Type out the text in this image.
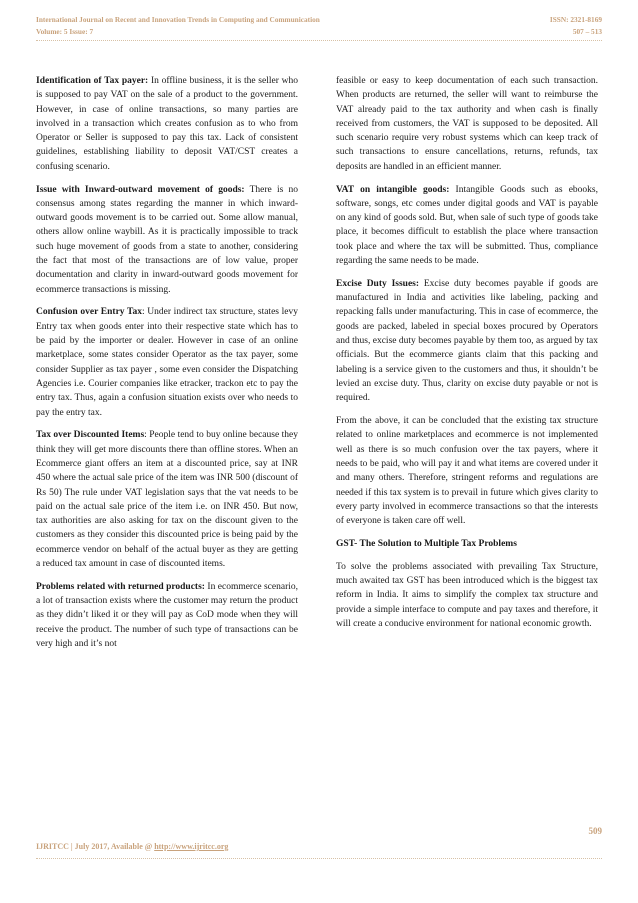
International Journal on Recent and Innovation Trends in Computing and Communication
Volume: 5 Issue: 7
ISSN: 2321-8169
507 – 513

Identification of Tax payer: In offline business, it is the seller who is supposed to pay VAT on the sale of a product to the government. However, in case of online transactions, so many parties are involved in a transaction which creates confusion as to who from Operator or Seller is supposed to pay this tax. Lack of consistent guidelines, establishing liability to deposit VAT/CST creates a confusing scenario.

Issue with Inward-outward movement of goods: There is no consensus among states regarding the manner in which inward-outward goods movement is to be carried out. Some allow manual, others allow online waybill. As it is practically impossible to track such huge movement of goods from a state to another, considering the fact that most of the transactions are of low value, proper documentation and clarity in inward-outward goods movement for ecommerce transactions is missing.

Confusion over Entry Tax: Under indirect tax structure, states levy Entry tax when goods enter into their respective state which has to be paid by the importer or dealer. However in case of an online marketplace, some states consider Operator as the tax payer, some consider Supplier as tax payer , some even consider the Dispatching Agencies i.e. Courier companies like etracker, trackon etc to pay the entry tax. Thus, again a confusion situation exists over who needs to pay the entry tax.

Tax over Discounted Items: People tend to buy online because they think they will get more discounts there than offline stores. When an Ecommerce giant offers an item at a discounted price, say at INR 450 where the actual sale price of the item was INR 500 (discount of Rs 50) The rule under VAT legislation says that the vat needs to be paid on the actual sale price of the item i.e. on INR 450. But now, tax authorities are also asking for tax on the discount given to the customers as they consider this discounted price is being paid by the ecommerce vendor on behalf of the actual buyer as they are getting a reduced tax amount in case of discounted items.

Problems related with returned products: In ecommerce scenario, a lot of transaction exists where the customer may return the product as they didn’t liked it or they will pay as CoD mode when they will receive the product. The number of such type of transactions can be very high and it’s not

feasible or easy to keep documentation of each such transaction. When products are returned, the seller will want to reimburse the VAT already paid to the tax authority and when cash is finally received from customers, the VAT is supposed to be deposited. All such scenario require very robust systems which can keep track of such transactions to ensure cancellations, returns, refunds, tax deposits are handled in an efficient manner.

VAT on intangible goods: Intangible Goods such as ebooks, software, songs, etc comes under digital goods and VAT is payable on any kind of goods sold. But, when sale of such type of goods take place, it becomes difficult to establish the place where transaction took place and where the tax will be submitted. Thus, compliance regarding the same needs to be made.

Excise Duty Issues: Excise duty becomes payable if goods are manufactured in India and activities like labeling, packing and repacking falls under manufacturing. This in case of ecommerce, the goods are packed, labeled in special boxes procured by Operators and thus, excise duty becomes payable by them too, as argued by tax officials. But the ecommerce giants claim that this packing and labeling is a service given to the customers and thus, it shouldn’t be levied an excise duty. Thus, clarity on excise duty payable or not is required.

From the above, it can be concluded that the existing tax structure related to online marketplaces and ecommerce is not implemented well as there is so much confusion over the tax payers, where it needs to be paid, who will pay it and what items are covered under it and many others. Therefore, stringent reforms and regulations are needed if this tax system is to prevail in future which gives clarity to every party involved in ecommerce transactions so that the interests of everyone is taken care off well.

GST- The Solution to Multiple Tax Problems

To solve the problems associated with prevailing Tax Structure, much awaited tax GST has been introduced which is the biggest tax reform in India. It aims to simplify the complex tax structure and provide a simple interface to compute and pay taxes and therefore, it will create a conducive environment for national economic growth.

509
IJRITCC | July 2017, Available @ http://www.ijritcc.org
